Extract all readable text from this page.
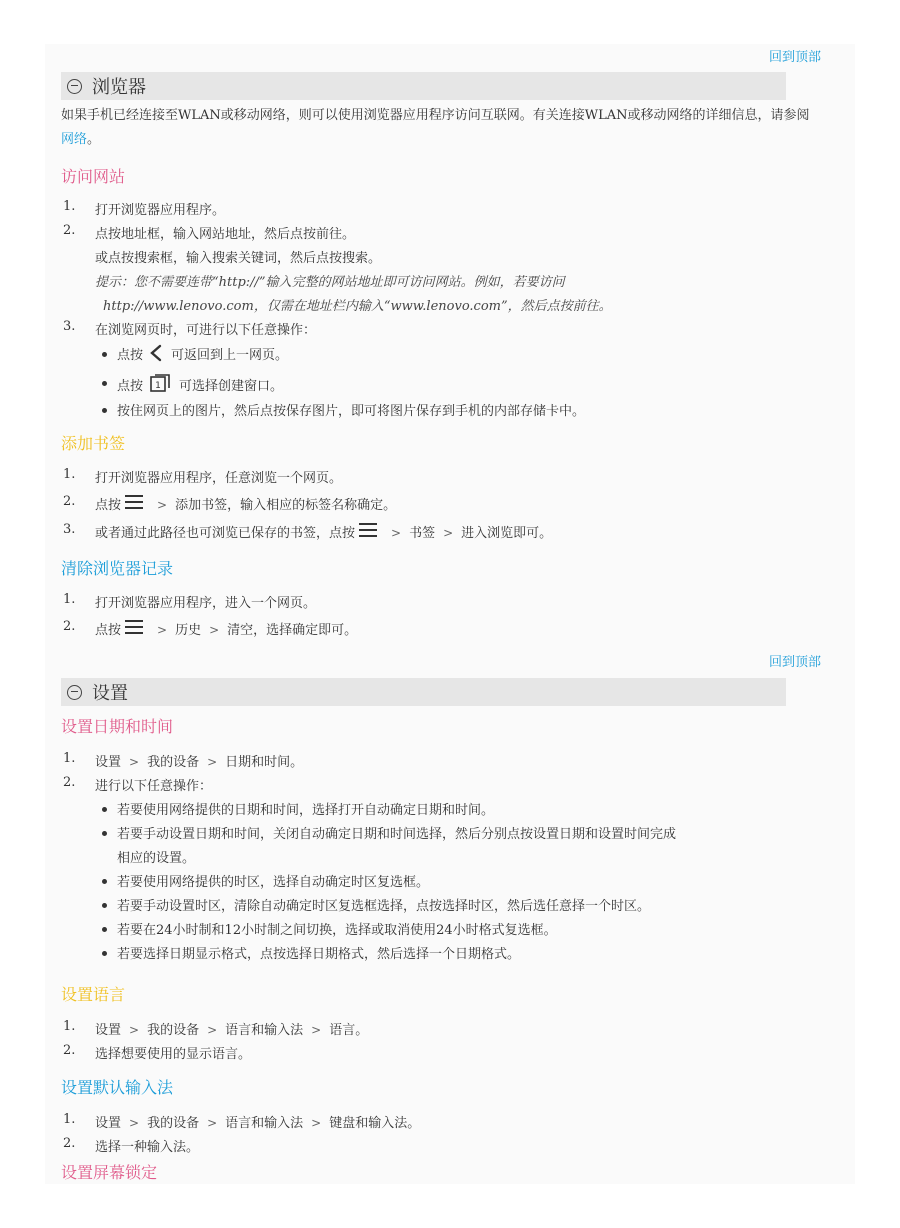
回到顶部
浏览器
如果手机已经连接至WLAN或移动网络，则可以使用浏览器应用程序访问互联网。有关连接WLAN或移动网络的详细信息，请参阅网络。
访问网站
1. 打开浏览器应用程序。
2. 点按地址框，输入网站地址，然后点按前往。
或点按搜索框，输入搜索关键词，然后点按搜索。
提示：您不需要连带“http://”输入完整的网站地址即可访问网站。例如，若要访问
http://www.lenovo.com，仅需在地址栏内输入“www.lenovo.com”，然后点按前往。
3. 在浏览网页时，可进行以下任意操作：
点按 可返回到上一网页。
点按 1 可选择创建窗口。
按住网页上的图片，然后点按保存图片，即可将图片保存到手机的内部存储卡中。
添加书签
1. 打开浏览器应用程序，任意浏览一个网页。
2. 点按	> 添加书签，输入相应的标签名称确定。
3. 或者通过此路径也可浏览已保存的书签，点按	> 书签 > 进入浏览即可。
清除浏览器记录
1. 打开浏览器应用程序，进入一个网页。
2. 点按	> 历史 > 清空，选择确定即可。
回到顶部
设置
设置日期和时间
1. 设置 > 我的设备 > 日期和时间。
2. 进行以下任意操作：
若要使用网络提供的日期和时间，选择打开自动确定日期和时间。
若要手动设置日期和时间，关闭自动确定日期和时间选择，然后分别点按设置日期和设置时间完成
相应的设置。
若要使用网络提供的时区，选择自动确定时区复选框。
若要手动设置时区，清除自动确定时区复选框选择，点按选择时区，然后选任意择一个时区。
若要在24小时制和12小时制之间切换，选择或取消使用24小时格式复选框。
若要选择日期显示格式，点按选择日期格式，然后选择一个日期格式。
设置语言
1. 设置 > 我的设备 > 语言和输入法 > 语言。
2. 选择想要使用的显示语言。
设置默认输入法
1. 设置 > 我的设备 > 语言和输入法 > 键盘和输入法。
2. 选择一种输入法。
设置屏幕锁定
